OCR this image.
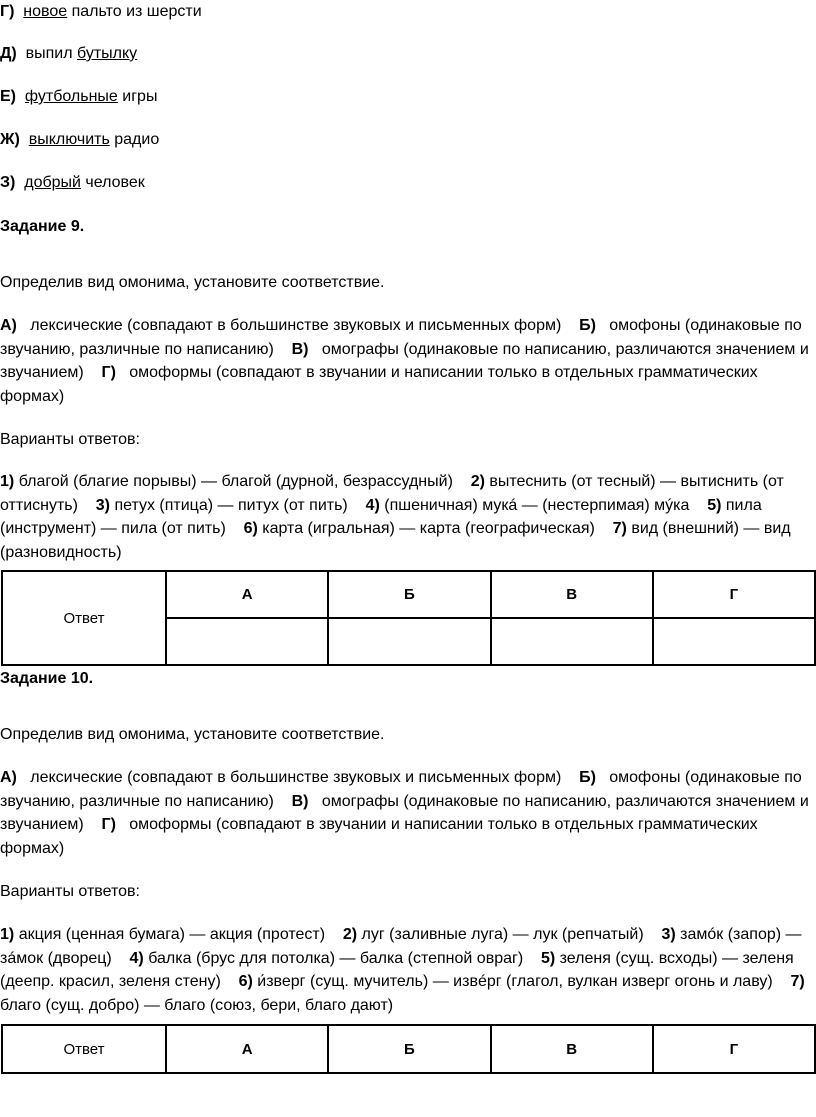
Г) новое пальто из шерсти
Д) выпил бутылку
Е) футбольные игры
Ж) выключить радио
З) добрый человек
Задание 9.
Определив вид омонима, установите соответствие.

А) лексические (совпадают в большинстве звуковых и письменных форм) Б) омофоны (одинаковые по

звучанию, различные по написанию) В) омографы (одинаковые по написанию, различаются значением и

звучанием) Г) омоформы (совпадают в звучании и написании только в отдельных грамматических

формах)

Варианты ответов:

1) благой (благие порывы) — благой (дурной, безрассудный) 2) вытеснить (от тесный) — вытиснить (от

оттиснуть) 3) петух (птица) — питух (от пить) 4) (пшеничная) мукá — (нестерпимая) мýка 5) пила

(инструмент) — пила (от пить) 6) карта (игральная) — карта (географическая) 7) вид (внешний) — вид

(разновидность)

Ответ	А	Б	В	Г

Задание 10.
Определив вид омонима, установите соответствие.

А) лексические (совпадают в большинстве звуковых и письменных форм) Б) омофоны (одинаковые по

звучанию, различные по написанию) В) омографы (одинаковые по написанию, различаются значением и

звучанием) Г) омоформы (совпадают в звучании и написании только в отдельных грамматических

формах)

Варианты ответов:

1) акция (ценная бумага) — акция (протест) 2) луг (заливные луга) — лук (репчатый) 3) замóк (запор) —

зáмок (дворец) 4) балка (брус для потолка) — балка (степной овраг) 5) зеленя (сущ. всходы) — зеленя

(деепр. красил, зеленя стену) 6) и́зверг (сущ. мучитель) — извéрг (глагол, вулкан изверг огонь и лаву) 7)

благо (сущ. добро) — благо (союз, бери, благо дают)

Ответ	А	Б	В	Г
